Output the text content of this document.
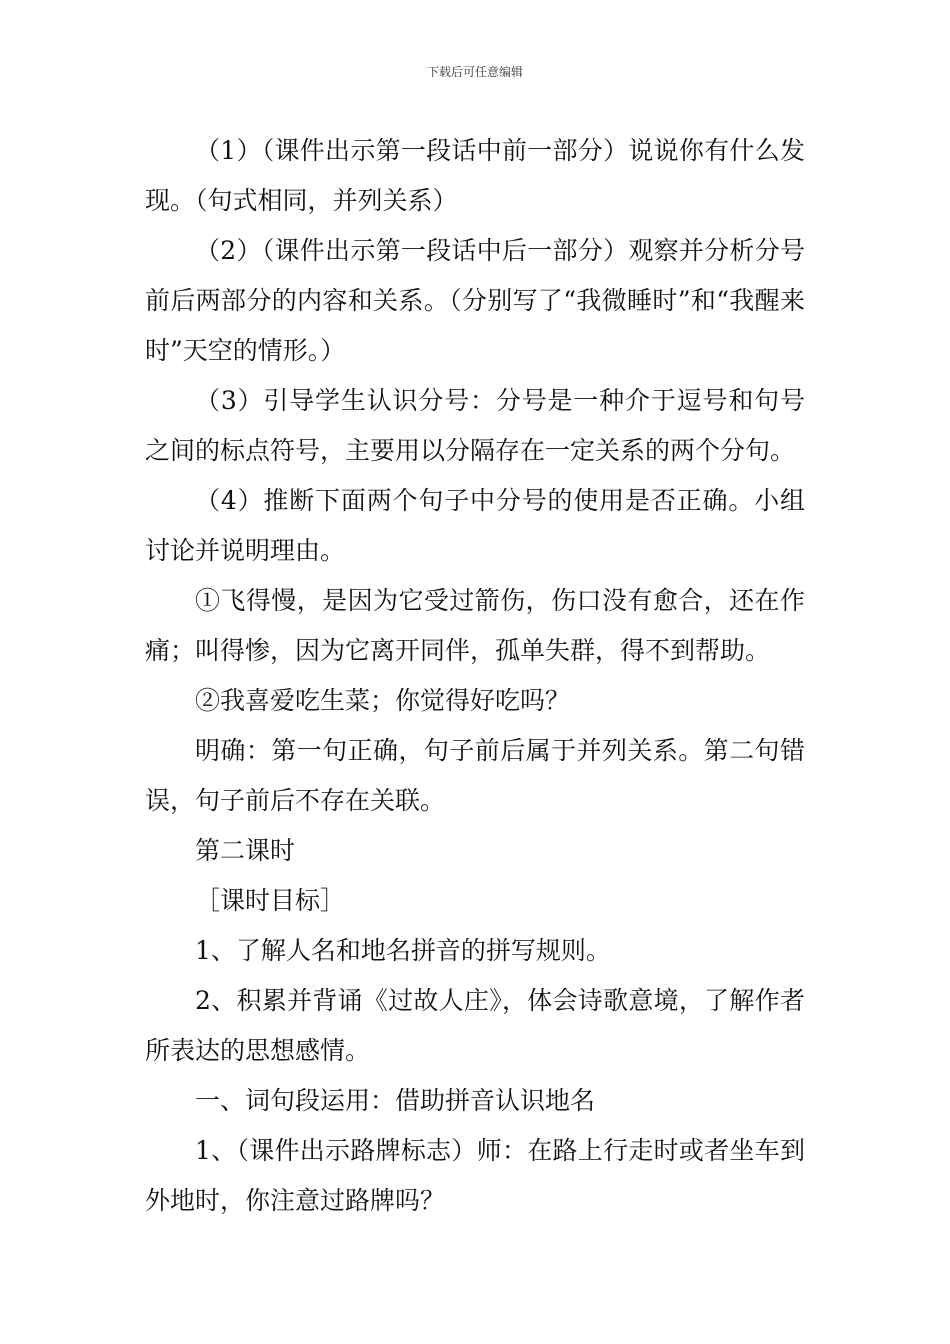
下载后可任意编辑

（1）（课件出示第一段话中前一部分）说说你有什么发现。（句式相同，并列关系）

（2）（课件出示第一段话中后一部分）观察并分析分号前后两部分的内容和关系。（分别写了“我微睡时”和“我醒来时”天空的情形。）

（3）引导学生认识分号：分号是一种介于逗号和句号之间的标点符号，主要用以分隔存在一定关系的两个分句。

（4）推断下面两个句子中分号的使用是否正确。小组讨论并说明理由。

①飞得慢，是因为它受过箭伤，伤口没有愈合，还在作痛；叫得惨，因为它离开同伴，孤单失群，得不到帮助。

②我喜爱吃生菜；你觉得好吃吗？

明确：第一句正确，句子前后属于并列关系。第二句错误，句子前后不存在关联。

第二课时

［课时目标］

1、了解人名和地名拼音的拼写规则。

2、积累并背诵《过故人庄》，体会诗歌意境，了解作者所表达的思想感情。

一、词句段运用：借助拼音认识地名

1、（课件出示路牌标志）师：在路上行走时或者坐车到外地时，你注意过路牌吗？
